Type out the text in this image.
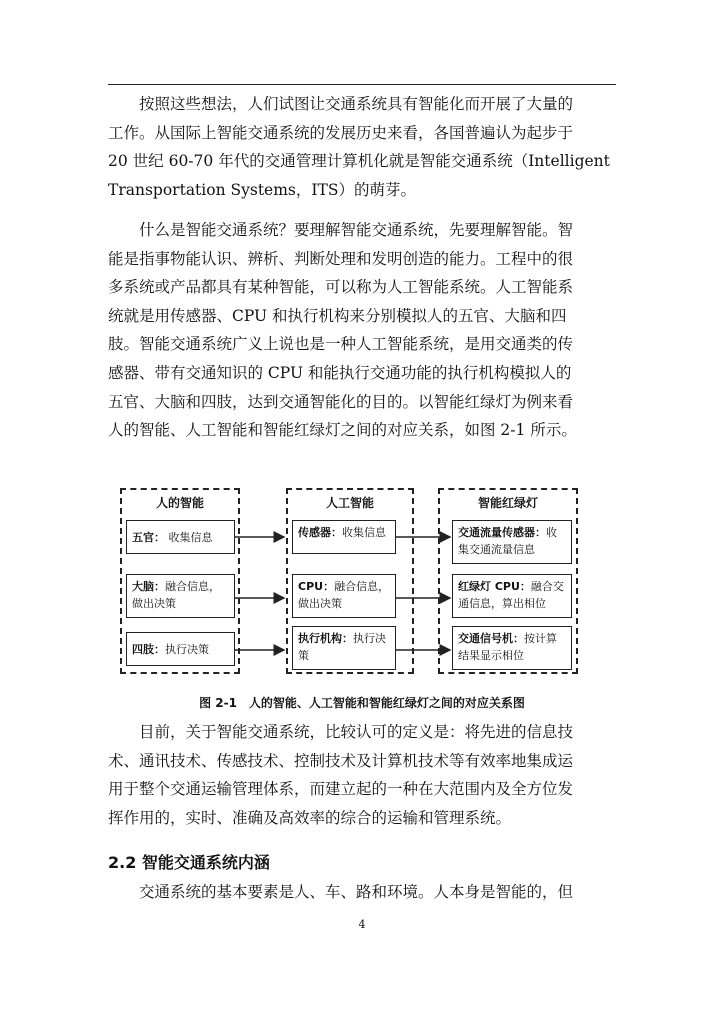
按照这些想法，人们试图让交通系统具有智能化而开展了大量的
工作。从国际上智能交通系统的发展历史来看，各国普遍认为起步于
20 世纪 60-70 年代的交通管理计算机化就是智能交通系统（Intelligent
Transportation Systems，ITS）的萌芽。

什么是智能交通系统？要理解智能交通系统，先要理解智能。智
能是指事物能认识、辨析、判断处理和发明创造的能力。工程中的很
多系统或产品都具有某种智能，可以称为人工智能系统。人工智能系
统就是用传感器、CPU 和执行机构来分别模拟人的五官、大脑和四
肢。智能交通系统广义上说也是一种人工智能系统，是用交通类的传
感器、带有交通知识的 CPU 和能执行交通功能的执行机构模拟人的
五官、大脑和四肢，达到交通智能化的目的。以智能红绿灯为例来看
人的智能、人工智能和智能红绿灯之间的对应关系，如图 2-1 所示。

人的智能
五官： 收集信息
大脑：融合信息，做出决策
四肢：执行决策
人工智能
传感器：收集信息
CPU：融合信息，做出决策
执行机构：执行决策
智能红绿灯
交通流量传感器：收集交通流量信息
红绿灯 CPU：融合交通信息，算出相位
交通信号机：按计算结果显示相位
图 2-1　人的智能、人工智能和智能红绿灯之间的对应关系图

目前，关于智能交通系统，比较认可的定义是：将先进的信息技
术、通讯技术、传感技术、控制技术及计算机技术等有效率地集成运
用于整个交通运输管理体系，而建立起的一种在大范围内及全方位发
挥作用的，实时、准确及高效率的综合的运输和管理系统。

2.2 智能交通系统内涵

交通系统的基本要素是人、车、路和环境。人本身是智能的，但

4
